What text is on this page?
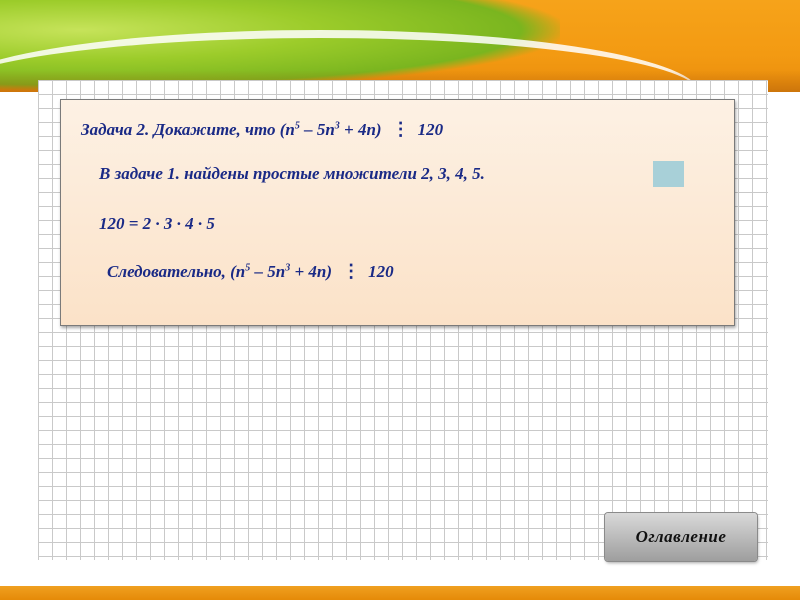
Задача 2. Докажите, что $(n^5 - 5n^3 + 4n)$ ⋮ 120
В задаче 1. найдены простые множители 2, 3, 4, 5.
120 = 2 · 3 · 4 · 5
Следовательно, $(n^5 - 5n^3 + 4n)$ ⋮ 120
Оглавление
